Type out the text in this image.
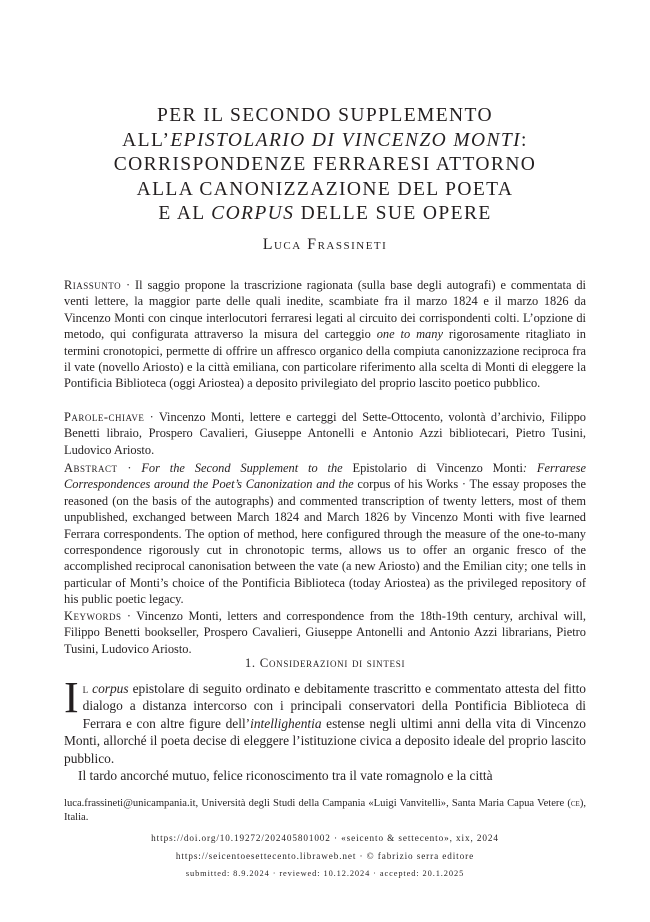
PER IL SECONDO SUPPLEMENTO
ALL’EPISTOLARIO DI VINCENZO MONTI:
CORRISPONDENZE FERRARESI ATTORNO
ALLA CANONIZZAZIONE DEL POETA
E AL CORPUS DELLE SUE OPERE
Luca Frassineti

Riassunto · Il saggio propone la trascrizione ragionata (sulla base degli autografi) e commentata di venti lettere, la maggior parte delle quali inedite, scambiate fra il marzo 1824 e il marzo 1826 da Vincenzo Monti con cinque interlocutori ferraresi legati al circuito dei corrispondenti colti. L’opzione di metodo, qui configurata attraverso la misura del carteggio one to many rigorosamente ritagliato in termini cronotopici, permette di offrire un affresco organico della compiuta canonizzazione reciproca fra il vate (novello Ariosto) e la città emiliana, con particolare riferimento alla scelta di Monti di eleggere la Pontificia Biblioteca (oggi Ariostea) a deposito privilegiato del proprio lascito poetico pubblico.

Parole-chiave · Vincenzo Monti, lettere e carteggi del Sette-Ottocento, volontà d’archivio, Filippo Benetti libraio, Prospero Cavalieri, Giuseppe Antonelli e Antonio Azzi bibliotecari, Pietro Tusini, Ludovico Ariosto.

Abstract · For the Second Supplement to the Epistolario di Vincenzo Monti: Ferrarese Correspondences around the Poet’s Canonization and the corpus of his Works · The essay proposes the reasoned (on the basis of the autographs) and commented transcription of twenty letters, most of them unpublished, exchanged between March 1824 and March 1826 by Vincenzo Monti with five learned Ferrara correspondents. The option of method, here configured through the measure of the one-to-many correspondence rigorously cut in chronotopic terms, allows us to offer an organic fresco of the accomplished reciprocal canonisation between the vate (a new Ariosto) and the Emilian city; one tells in particular of Monti’s choice of the Pontificia Biblioteca (today Ariostea) as the privileged repository of his public poetic legacy.

Keywords · Vincenzo Monti, letters and correspondence from the 18th-19th century, archival will, Filippo Benetti bookseller, Prospero Cavalieri, Giuseppe Antonelli and Antonio Azzi librarians, Pietro Tusini, Ludovico Ariosto.

1. Considerazioni di sintesi

Il corpus epistolare di seguito ordinato e debitamente trascritto e commentato attesta del fitto dialogo a distanza intercorso con i principali conservatori della Pontificia Biblioteca di Ferrara e con altre figure dell’intellighentia estense negli ultimi anni della vita di Vincenzo Monti, allorché il poeta decise di eleggere l’istituzione civica a deposito ideale del proprio lascito pubblico.

Il tardo ancorché mutuo, felice riconoscimento tra il vate romagnolo e la città

luca.frassineti@unicampania.it, Università degli Studi della Campania «Luigi Vanvitelli», Santa Maria Capua Vetere (ce), Italia.

https://doi.org/10.19272/202405801002 · «seicento & settecento», xix, 2024
https://seicentoesettecento.libraweb.net · © fabrizio serra editore
submitted: 8.9.2024 · reviewed: 10.12.2024 · accepted: 20.1.2025
